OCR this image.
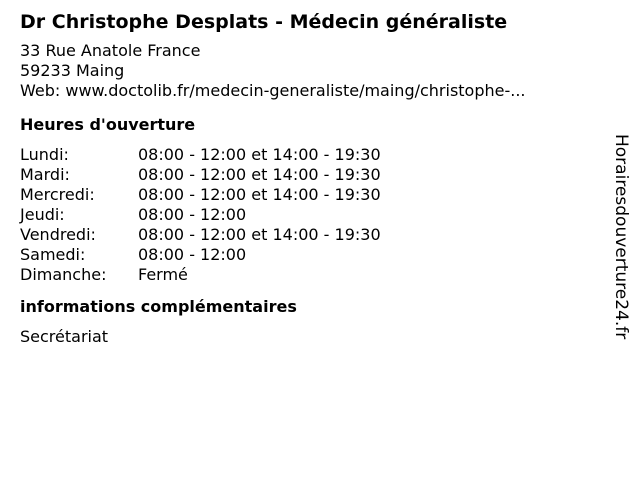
Dr Christophe Desplats - Médecin généraliste
33 Rue Anatole France
59233 Maing
Web: www.doctolib.fr/medecin-generaliste/maing/christophe-...
Heures d'ouverture
Lundi:	08:00 - 12:00 et 14:00 - 19:30
Mardi:	08:00 - 12:00 et 14:00 - 19:30
Mercredi:	08:00 - 12:00 et 14:00 - 19:30
Jeudi:	08:00 - 12:00
Vendredi:	08:00 - 12:00 et 14:00 - 19:30
Samedi:	08:00 - 12:00
Dimanche:	Fermé
informations complémentaires
Secrétariat	Horairesdouverture24.fr
